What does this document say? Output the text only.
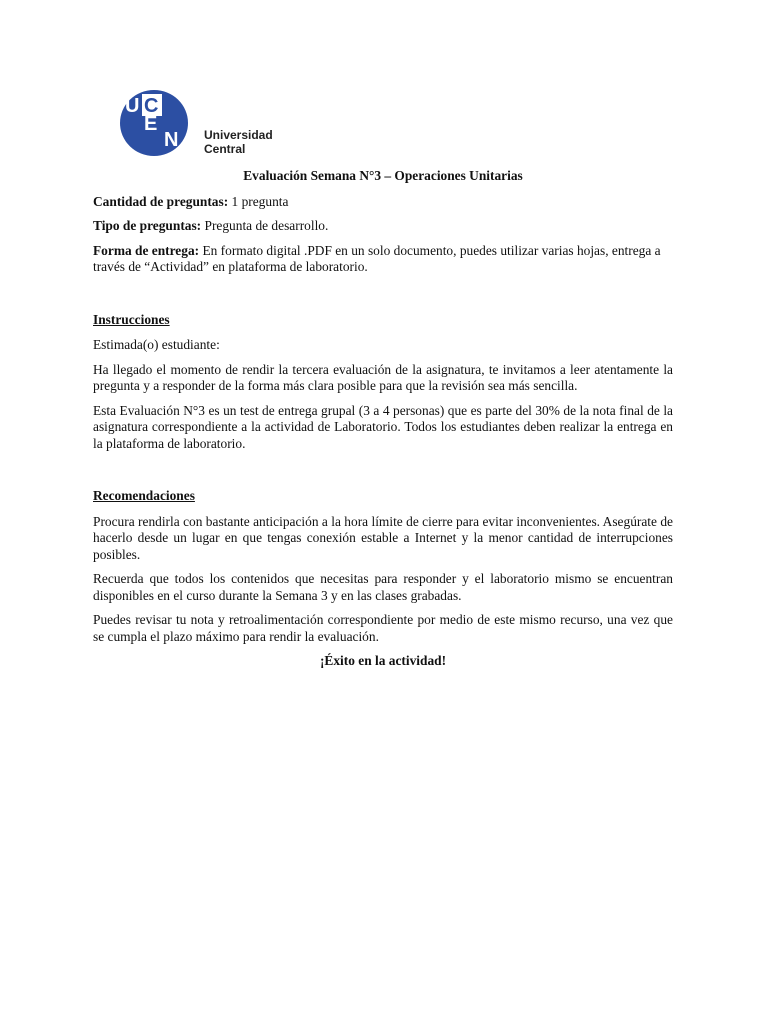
U C
E
N Universidad
Central
Evaluación Semana N°3 – Operaciones Unitarias

Cantidad de preguntas: 1 pregunta

Tipo de preguntas: Pregunta de desarrollo.

Forma de entrega: En formato digital .PDF en un solo documento, puedes utilizar varias hojas, entrega a través de “Actividad” en plataforma de laboratorio.

Instrucciones

Estimada(o) estudiante:

Ha llegado el momento de rendir la tercera evaluación de la asignatura, te invitamos a leer atentamente la pregunta y a responder de la forma más clara posible para que la revisión sea más sencilla.

Esta Evaluación N°3 es un test de entrega grupal (3 a 4 personas) que es parte del 30% de la nota final de la asignatura correspondiente a la actividad de Laboratorio. Todos los estudiantes deben realizar la entrega en la plataforma de laboratorio.

Recomendaciones

Procura rendirla con bastante anticipación a la hora límite de cierre para evitar inconvenientes. Asegúrate de hacerlo desde un lugar en que tengas conexión estable a Internet y la menor cantidad de interrupciones posibles.

Recuerda que todos los contenidos que necesitas para responder y el laboratorio mismo se encuentran disponibles en el curso durante la Semana 3 y en las clases grabadas.

Puedes revisar tu nota y retroalimentación correspondiente por medio de este mismo recurso, una vez que se cumpla el plazo máximo para rendir la evaluación.

¡Éxito en la actividad!
